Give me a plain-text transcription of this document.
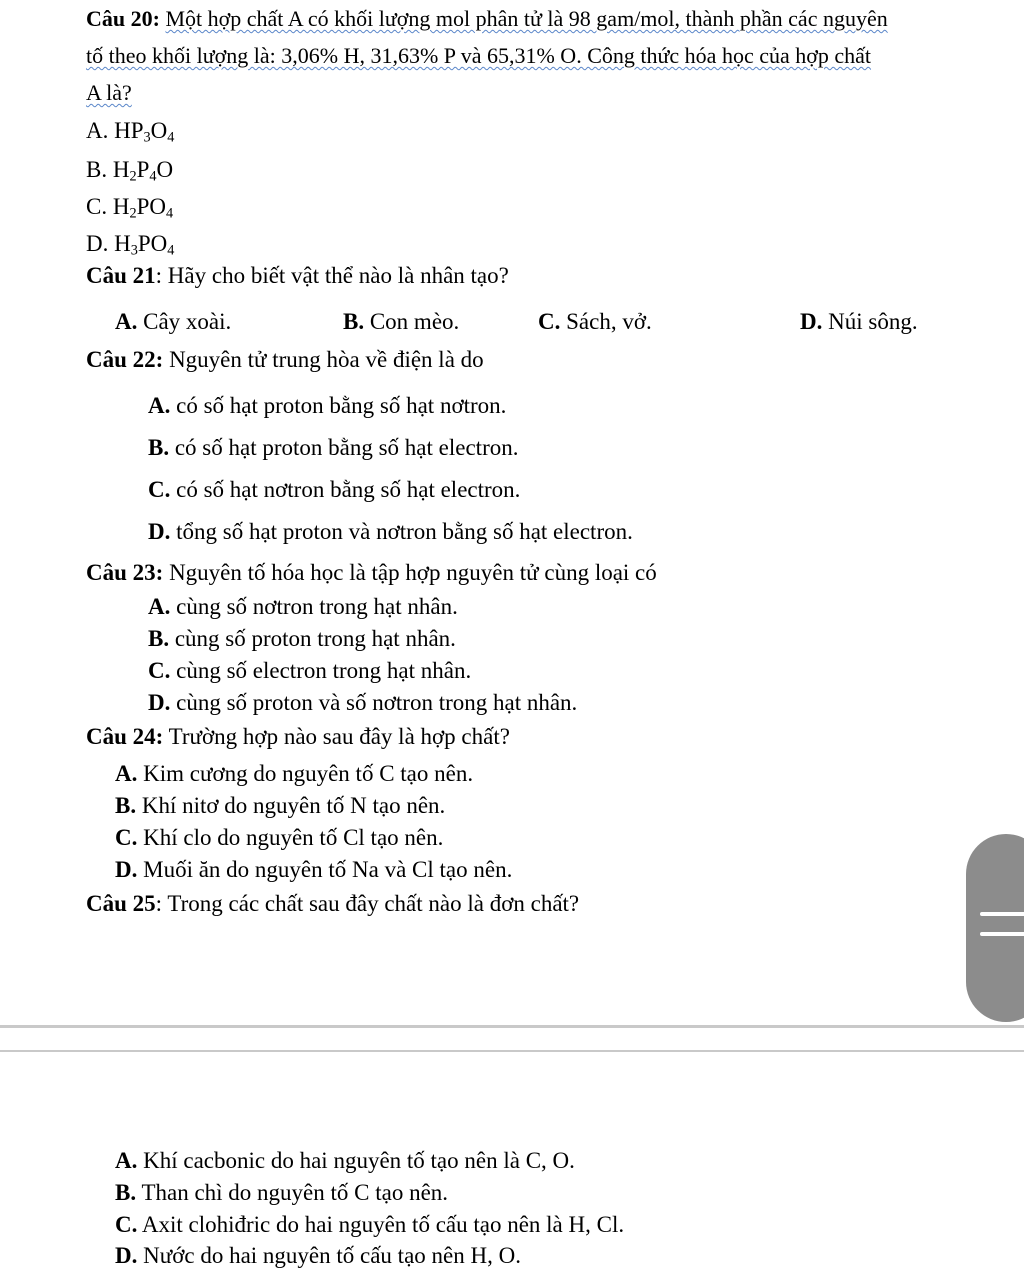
Câu 20: Một hợp chất A có khối lượng mol phân tử là 98 gam/mol, thành phần các nguyên
tố theo khối lượng là: 3,06% H, 31,63% P và 65,31% O. Công thức hóa học của hợp chất
A là?
A. $HP_3O_4$
B. $H_2P_4O$
C. $H_2PO_4$
D. $H_3PO_4$
Câu 21: Hãy cho biết vật thể nào là nhân tạo?
A. Cây xoài.	B. Con mèo.	C. Sách, vở.	D. Núi sông.
Câu 22: Nguyên tử trung hòa về điện là do
A. có số hạt proton bằng số hạt nơtron.
B. có số hạt proton bằng số hạt electron.
C. có số hạt nơtron bằng số hạt electron.
D. tổng số hạt proton và nơtron bằng số hạt electron.
Câu 23: Nguyên tố hóa học là tập hợp nguyên tử cùng loại có
A. cùng số nơtron trong hạt nhân.
B. cùng số proton trong hạt nhân.
C. cùng số electron trong hạt nhân.
D. cùng số proton và số nơtron trong hạt nhân.
Câu 24: Trường hợp nào sau đây là hợp chất?
A. Kim cương do nguyên tố C tạo nên.
B. Khí nitơ do nguyên tố N tạo nên.
C. Khí clo do nguyên tố Cl tạo nên.
D. Muối ăn do nguyên tố Na và Cl tạo nên.
Câu 25: Trong các chất sau đây chất nào là đơn chất?
A. Khí cacbonic do hai nguyên tố tạo nên là C, O.
B. Than chì do nguyên tố C tạo nên.
C. Axit clohiđric do hai nguyên tố cấu tạo nên là H, Cl.
D. Nước do hai nguyên tố cấu tạo nên H, O.
